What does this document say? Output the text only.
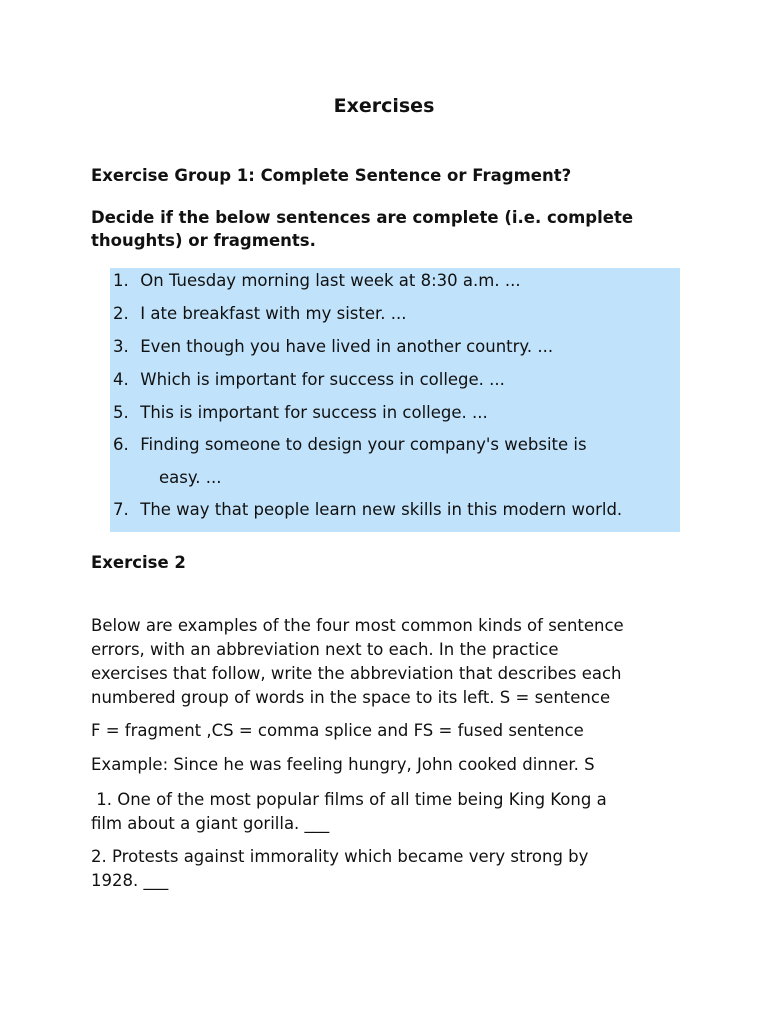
Exercises
Exercise Group 1: Complete Sentence or Fragment?
Decide if the below sentences are complete (i.e. complete
thoughts) or fragments.
1. On Tuesday morning last week at 8:30 a.m. ...
2. I ate breakfast with my sister. ...
3. Even though you have lived in another country. ...
4. Which is important for success in college. ...
5. This is important for success in college. ...
6. Finding someone to design your company's website is
easy. ...
7. The way that people learn new skills in this modern world.
Exercise 2
Below are examples of the four most common kinds of sentence
errors, with an abbreviation next to each. In the practice
exercises that follow, write the abbreviation that describes each
numbered group of words in the space to its left. S = sentence
F = fragment ,CS = comma splice and FS = fused sentence
Example: Since he was feeling hungry, John cooked dinner. S
1. One of the most popular films of all time being King Kong a
film about a giant gorilla. ___
2. Protests against immorality which became very strong by
1928. ___
